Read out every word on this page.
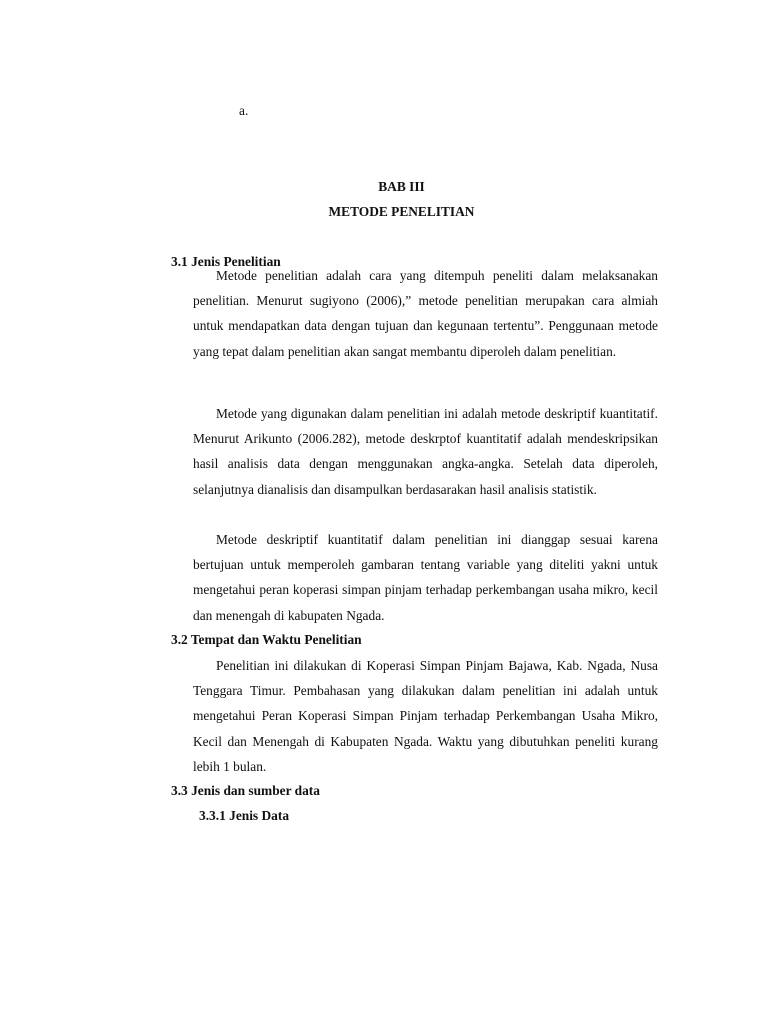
a.
BAB III
METODE PENELITIAN
3.1 Jenis Penelitian

Metode penelitian adalah cara yang ditempuh peneliti dalam melaksanakan penelitian. Menurut sugiyono (2006),” metode penelitian merupakan cara almiah untuk mendapatkan data dengan tujuan dan kegunaan tertentu”. Penggunaan metode yang tepat dalam penelitian akan sangat membantu diperoleh dalam penelitian.

Metode yang digunakan dalam penelitian ini adalah metode deskriptif kuantitatif. Menurut Arikunto (2006.282), metode deskrptof kuantitatif adalah mendeskripsikan hasil analisis data dengan menggunakan angka-angka. Setelah data diperoleh, selanjutnya dianalisis dan disampulkan berdasarakan hasil analisis statistik.

Metode deskriptif kuantitatif dalam penelitian ini dianggap sesuai karena bertujuan untuk memperoleh gambaran tentang variable yang diteliti yakni untuk mengetahui peran koperasi simpan pinjam terhadap perkembangan usaha mikro, kecil dan menengah di kabupaten Ngada.

3.2 Tempat dan Waktu Penelitian

Penelitian ini dilakukan di Koperasi Simpan Pinjam Bajawa, Kab. Ngada, Nusa Tenggara Timur. Pembahasan yang dilakukan dalam penelitian ini adalah untuk mengetahui Peran Koperasi Simpan Pinjam terhadap Perkembangan Usaha Mikro, Kecil dan Menengah di Kabupaten Ngada. Waktu yang dibutuhkan peneliti kurang lebih 1 bulan.

3.3 Jenis dan sumber data
3.3.1 Jenis Data
